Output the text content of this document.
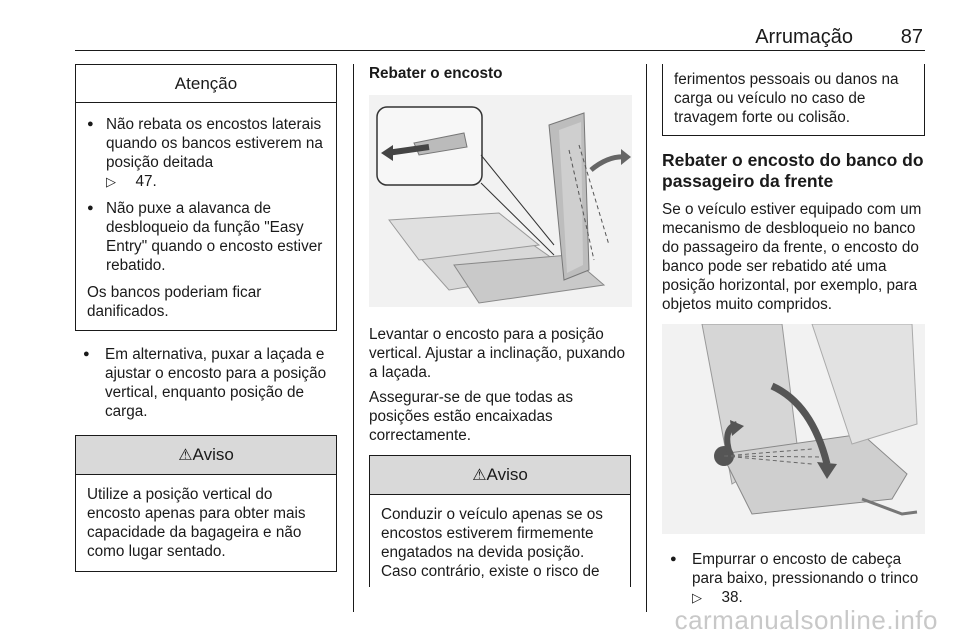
Arrumação 87
Atenção
● Não rebata os encostos laterais quando os bancos estiverem na posição deitada
▷  47.
● Não puxe a alavanca de desbloqueio da função "Easy Entry" quando o encosto estiver rebatido.

Os bancos poderiam ficar danificados.

● Em alternativa, puxar a laçada e ajustar o encosto para a posição vertical, enquanto posição de carga.
⚠Aviso

Utilize a posição vertical do encosto apenas para obter mais capacidade da bagageira e não como lugar sentado.

Rebater o encosto

Levantar o encosto para a posição vertical. Ajustar a inclinação, puxando a laçada.

Assegurar-se de que todas as posições estão encaixadas correctamente.

⚠Aviso

Conduzir o veículo apenas se os encostos estiverem firmemente engatados na devida posição. Caso contrário, existe o risco de

ferimentos pessoais ou danos na carga ou veículo no caso de travagem forte ou colisão.

Rebater o encosto do banco do passageiro da frente

Se o veículo estiver equipado com um mecanismo de desbloqueio no banco do passageiro da frente, o encosto do banco pode ser rebatido até uma posição horizontal, por exemplo, para objetos muito compridos.

● Empurrar o encosto de cabeça para baixo, pressionando o trinco
▷  38.
carmanualsonline.info
